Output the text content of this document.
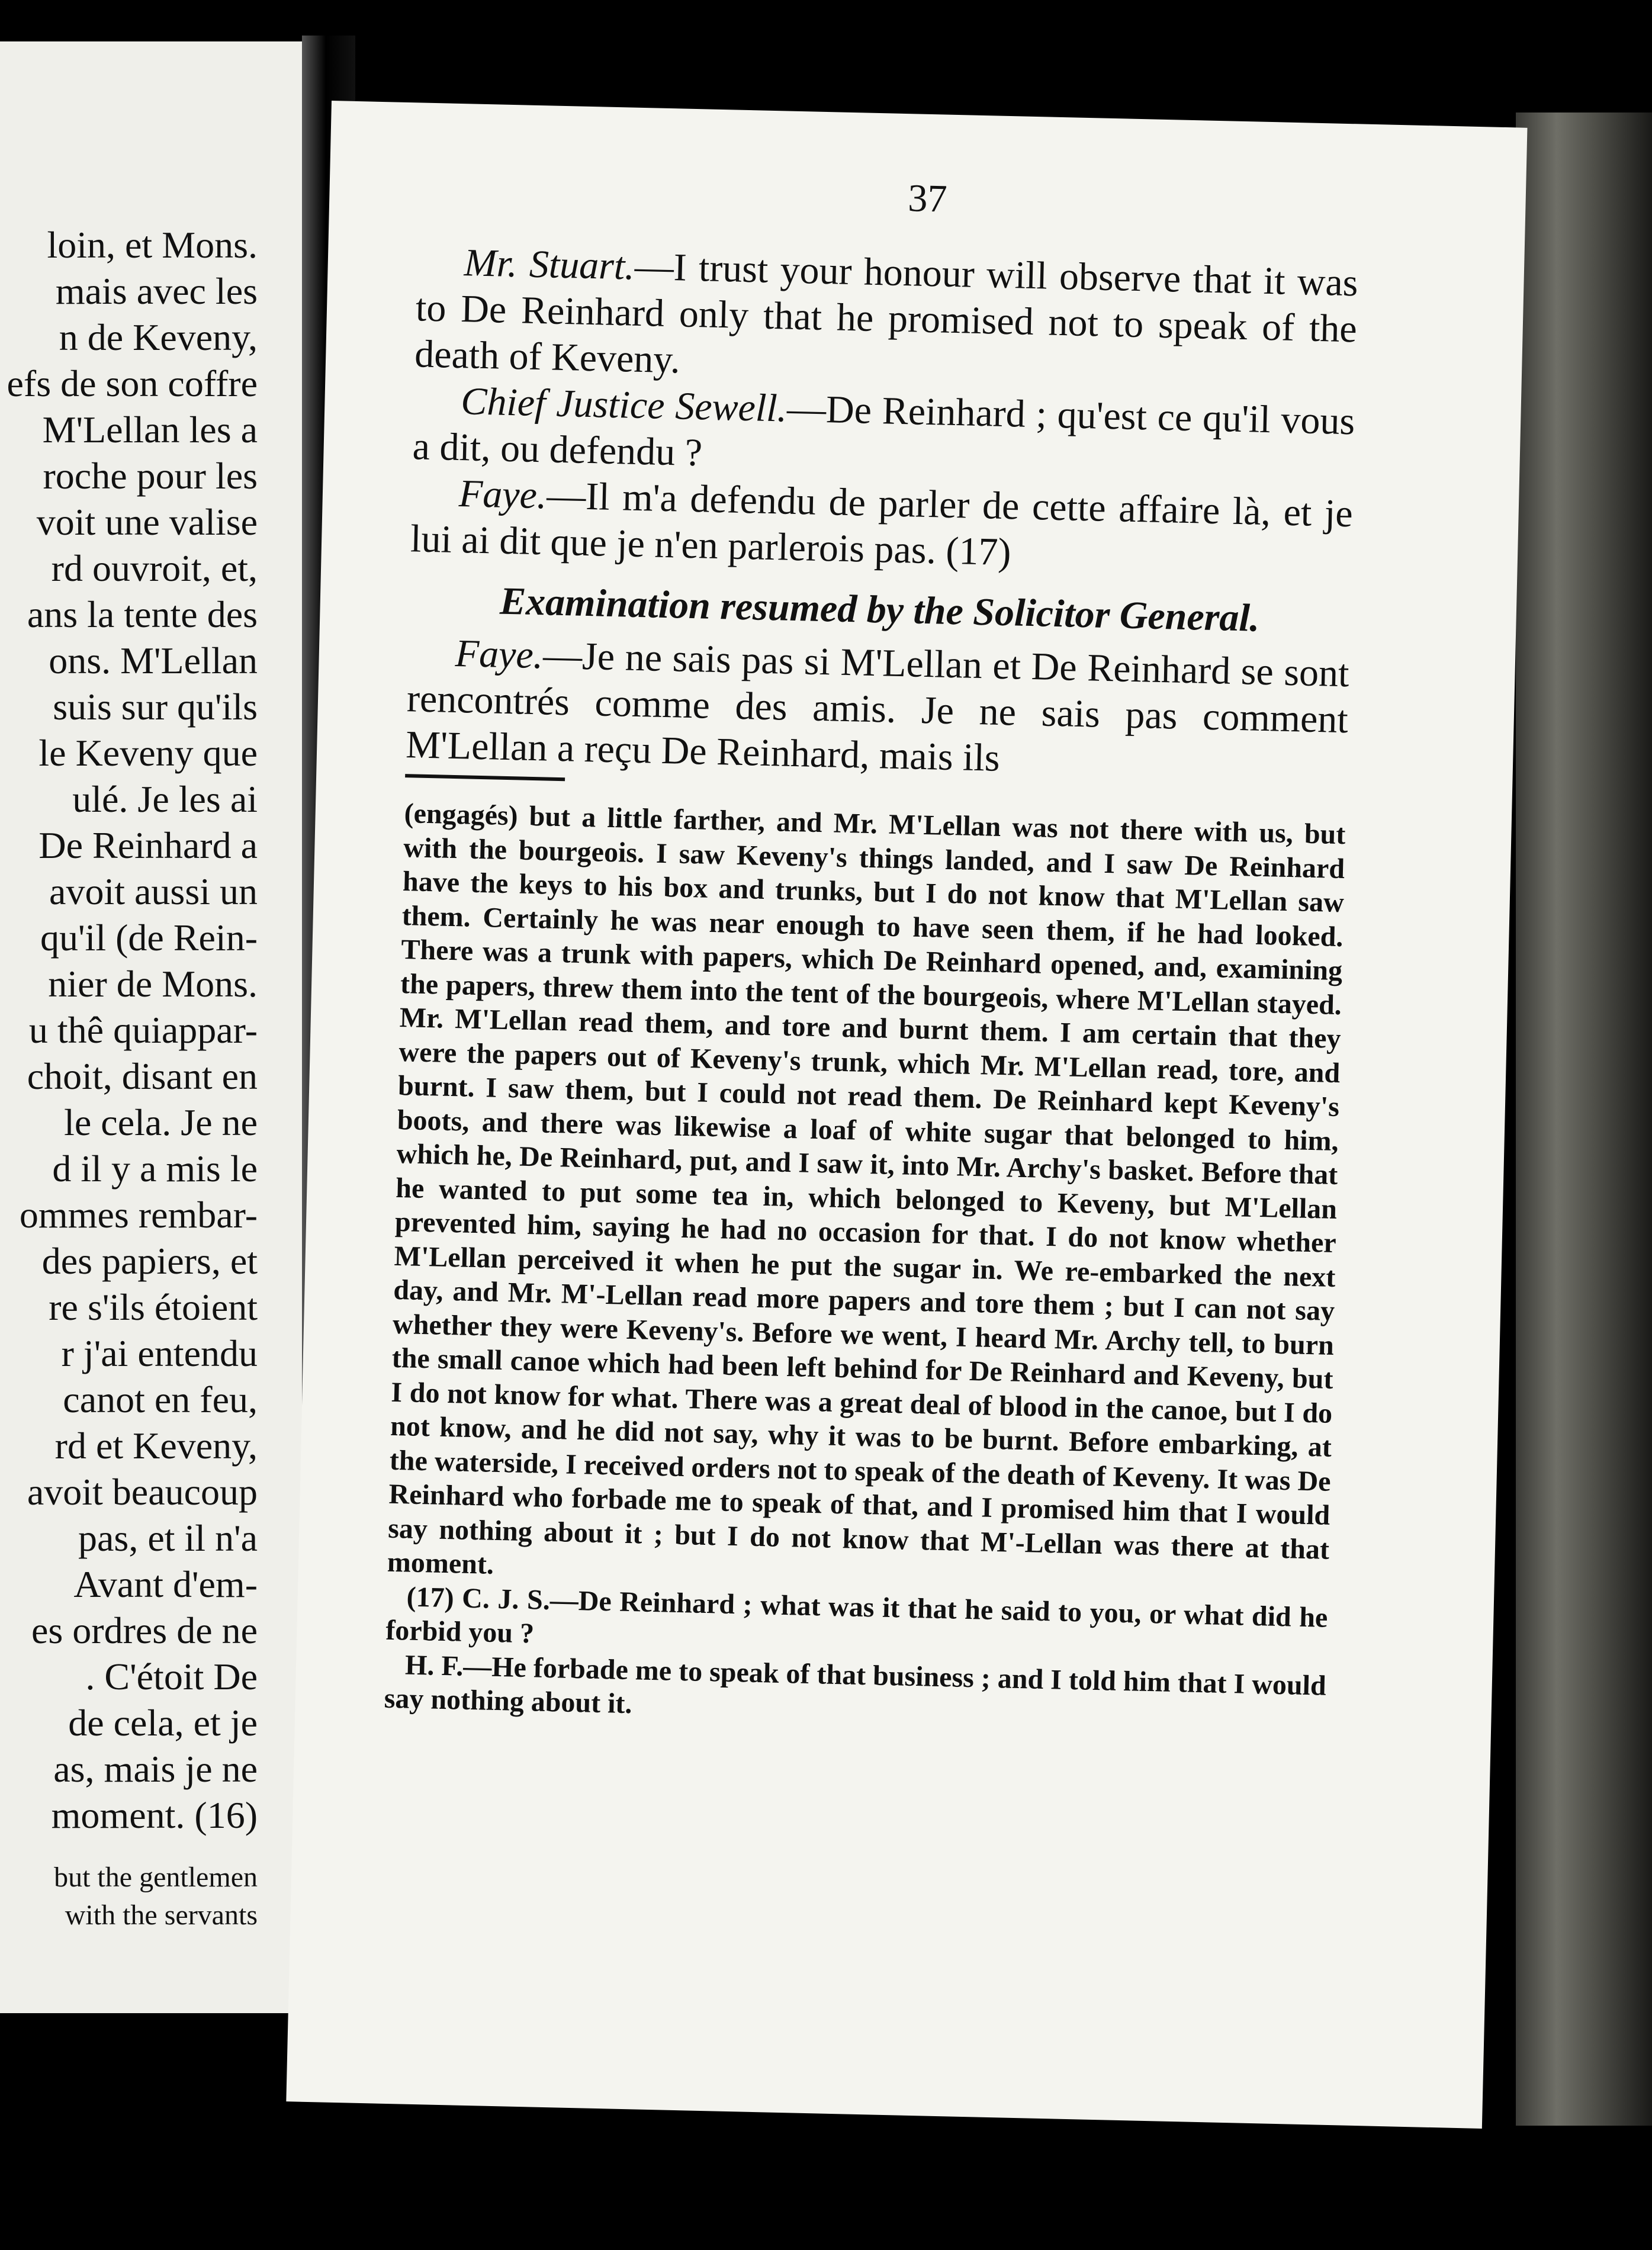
loin, et Mons.
mais avec les
n de Keveny,
efs de son coffre
M'Lellan les a
roche pour les
voit une valise
rd ouvroit, et,
ans la tente des
ons. M'Lellan
suis sur qu'ils
le Keveny que
ulé. Je les ai
De Reinhard a
avoit aussi un
qu'il (de Rein-
nier de Mons.
u thê quiappar-
choit, disant en
le cela. Je ne
d il y a mis le
ommes rembar-
des papiers, et
re s'ils étoient
r j'ai entendu
canot en feu,
rd et Keveny,
avoit beaucoup
pas, et il n'a
Avant d'em-
es ordres de ne
. C'étoit De
de cela, et je
as, mais je ne
moment. (16)
but the gentlemen
with the servants
37

Mr. Stuart.—I trust your honour will observe that it was to De Reinhard only that he promised not to speak of the death of Keveny.

Chief Justice Sewell.—De Reinhard ; qu'est ce qu'il vous a dit, ou defendu ?

Faye.—Il m'a defendu de parler de cette affaire là, et je lui ai dit que je n'en parlerois pas. (17)

Examination resumed by the Solicitor General.

Faye.—Je ne sais pas si M'Lellan et De Reinhard se sont rencontrés comme des amis. Je ne sais pas comment M'Lellan a reçu De Reinhard, mais ils

(engagés) but a little farther, and Mr. M'Lellan was not there with us, but with the bourgeois. I saw Keveny's things landed, and I saw De Reinhard have the keys to his box and trunks, but I do not know that M'Lellan saw them. Certainly he was near enough to have seen them, if he had looked. There was a trunk with papers, which De Reinhard opened, and, examining the papers, threw them into the tent of the bourgeois, where M'Lellan stayed. Mr. M'Lellan read them, and tore and burnt them. I am certain that they were the papers out of Keveny's trunk, which Mr. M'Lellan read, tore, and burnt. I saw them, but I could not read them. De Reinhard kept Keveny's boots, and there was likewise a loaf of white sugar that belonged to him, which he, De Reinhard, put, and I saw it, into Mr. Archy's basket. Before that he wanted to put some tea in, which belonged to Keveny, but M'Lellan prevented him, saying he had no occasion for that. I do not know whether M'Lellan perceived it when he put the sugar in. We re-embarked the next day, and Mr. M'-Lellan read more papers and tore them ; but I can not say whether they were Keveny's. Before we went, I heard Mr. Archy tell, to burn the small canoe which had been left behind for De Reinhard and Keveny, but I do not know for what. There was a great deal of blood in the canoe, but I do not know, and he did not say, why it was to be burnt. Before embarking, at the waterside, I received orders not to speak of the death of Keveny. It was De Reinhard who forbade me to speak of that, and I promised him that I would say nothing about it ; but I do not know that M'-Lellan was there at that moment.

(17) C. J. S.—De Reinhard ; what was it that he said to you, or what did he forbid you ?

H. F.—He forbade me to speak of that business ; and I told him that I would say nothing about it.
